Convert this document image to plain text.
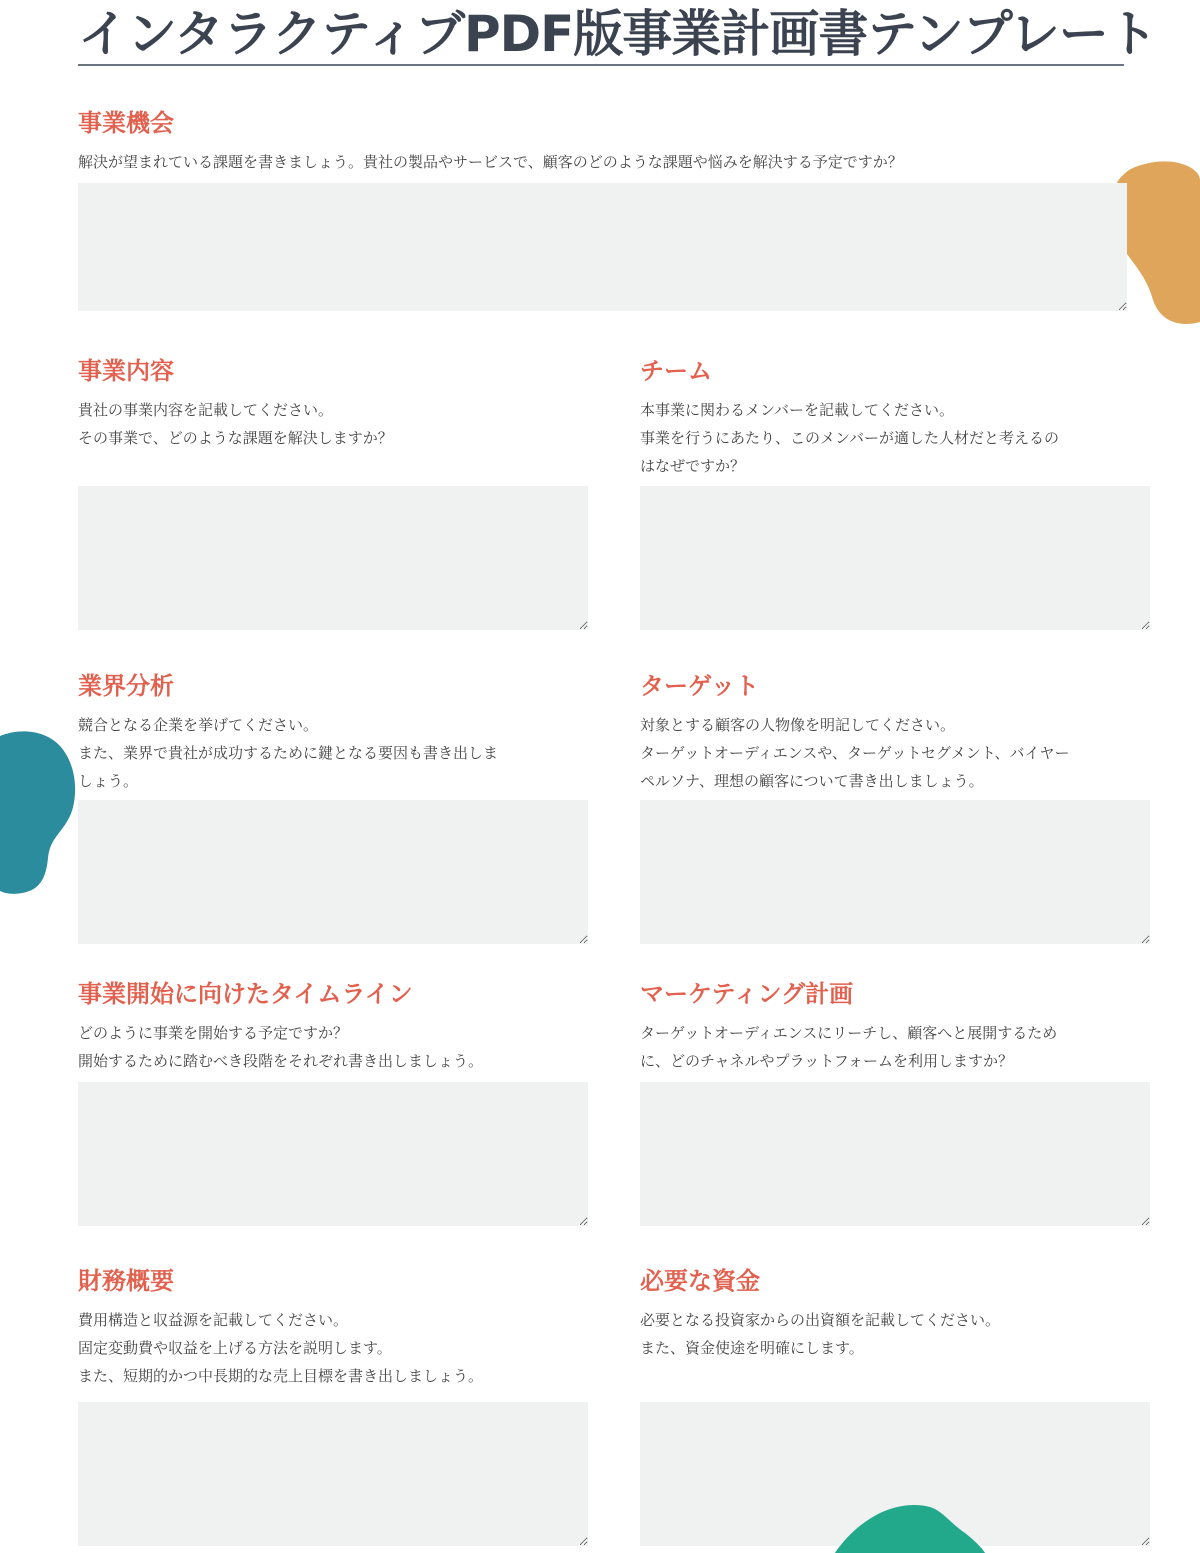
インタラクティブPDF版事業計画書テンプレート
事業機会

解決が望まれている課題を書きましょう。貴社の製品やサービスで、顧客のどのような課題や悩みを解決する予定ですか？

事業内容

貴社の事業内容を記載してください。
その事業で、どのような課題を解決しますか？

チーム

本事業に関わるメンバーを記載してください。
事業を行うにあたり、このメンバーが適した人材だと考えるの
はなぜですか？

業界分析

競合となる企業を挙げてください。
また、業界で貴社が成功するために鍵となる要因も書き出しま
しょう。

ターゲット

対象とする顧客の人物像を明記してください。
ターゲットオーディエンスや、ターゲットセグメント、バイヤー
ペルソナ、理想の顧客について書き出しましょう。

事業開始に向けたタイムライン

どのように事業を開始する予定ですか？
開始するために踏むべき段階をそれぞれ書き出しましょう。

マーケティング計画

ターゲットオーディエンスにリーチし、顧客へと展開するため
に、どのチャネルやプラットフォームを利用しますか？

財務概要

費用構造と収益源を記載してください。
固定変動費や収益を上げる方法を説明します。
また、短期的かつ中長期的な売上目標を書き出しましょう。

必要な資金

必要となる投資家からの出資額を記載してください。
また、資金使途を明確にします。
